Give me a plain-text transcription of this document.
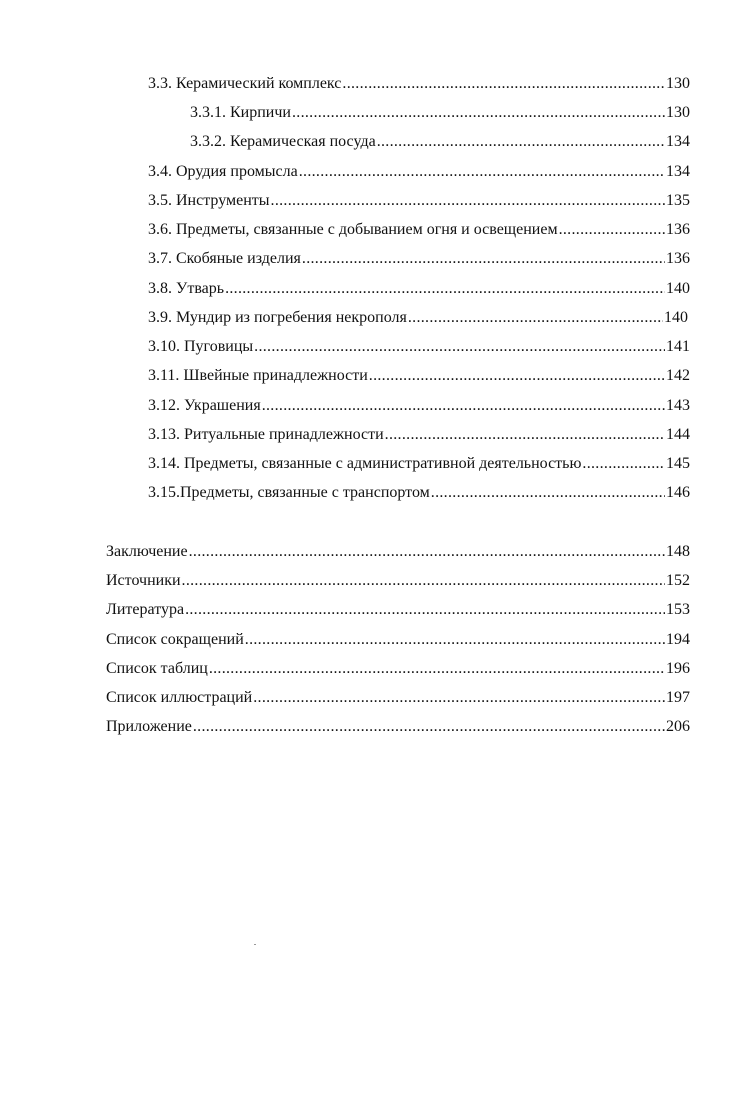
3.3. Керамический комплекс .....	130
3.3.1. Кирпичи .....	130
3.3.2. Керамическая посуда .....	134
3.4. Орудия промысла .....	134
3.5. Инструменты .....	135
3.6. Предметы, связанные с добыванием огня и освещением .....	136
3.7. Скобяные изделия .....	136
3.8. Утварь .....	140
3.9. Мундир из погребения некрополя .....	140
3.10. Пуговицы .....	141
3.11. Швейные принадлежности .....	142
3.12. Украшения .....	143
3.13. Ритуальные принадлежности .....	144
3.14. Предметы, связанные с административной деятельностью .....	145
3.15.Предметы, связанные с транспортом .....	146
Заключение .....	148
Источники .....	152
Литература .....	153
Список сокращений .....	194
Список таблиц .....	196
Список иллюстраций .....	197
Приложение .....	206
